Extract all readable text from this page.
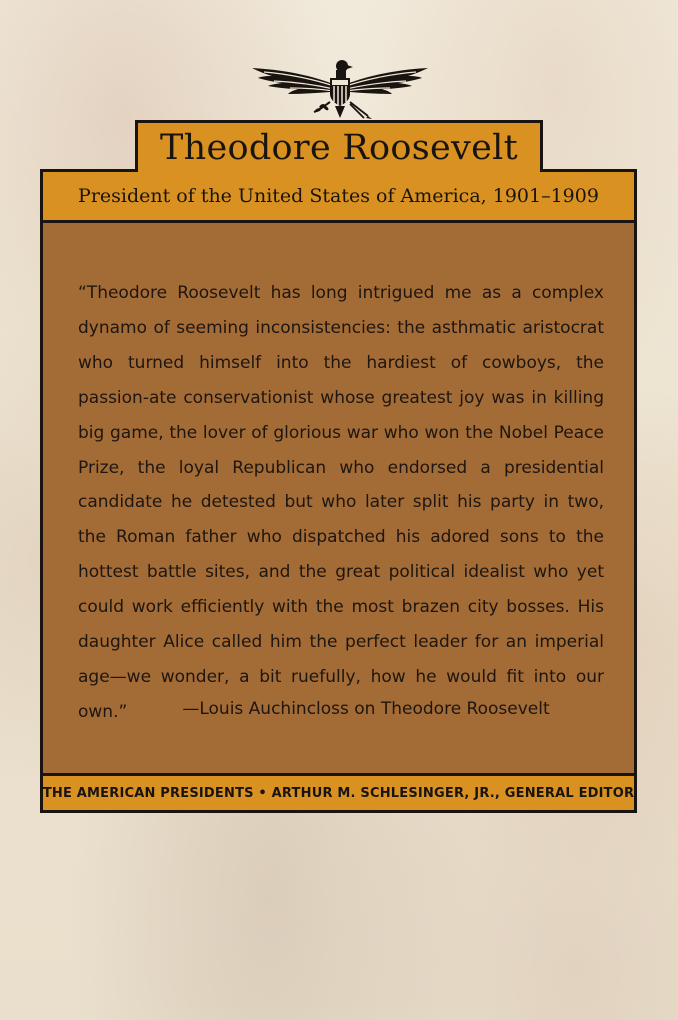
Theodore Roosevelt
President of the United States of America, 1901–1909

“Theodore Roosevelt has long intrigued me as a complex dynamo of seeming inconsistencies: the asthmatic aristocrat who turned himself into the hardiest of cowboys, the passion-ate conservationist whose greatest joy was in killing big game, the lover of glorious war who won the Nobel Peace Prize, the loyal Republican who endorsed a presidential candidate he detested but who later split his party in two, the Roman father who dispatched his adored sons to the hottest battle sites, and the great political idealist who yet could work efficiently with the most brazen city bosses. His daughter Alice called him the perfect leader for an imperial age—we wonder, a bit ruefully, how he would fit into our own.”	—Louis Auchincloss on Theodore Roosevelt
THE AMERICAN PRESIDENTS • ARTHUR M. SCHLESINGER, JR., GENERAL EDITOR
